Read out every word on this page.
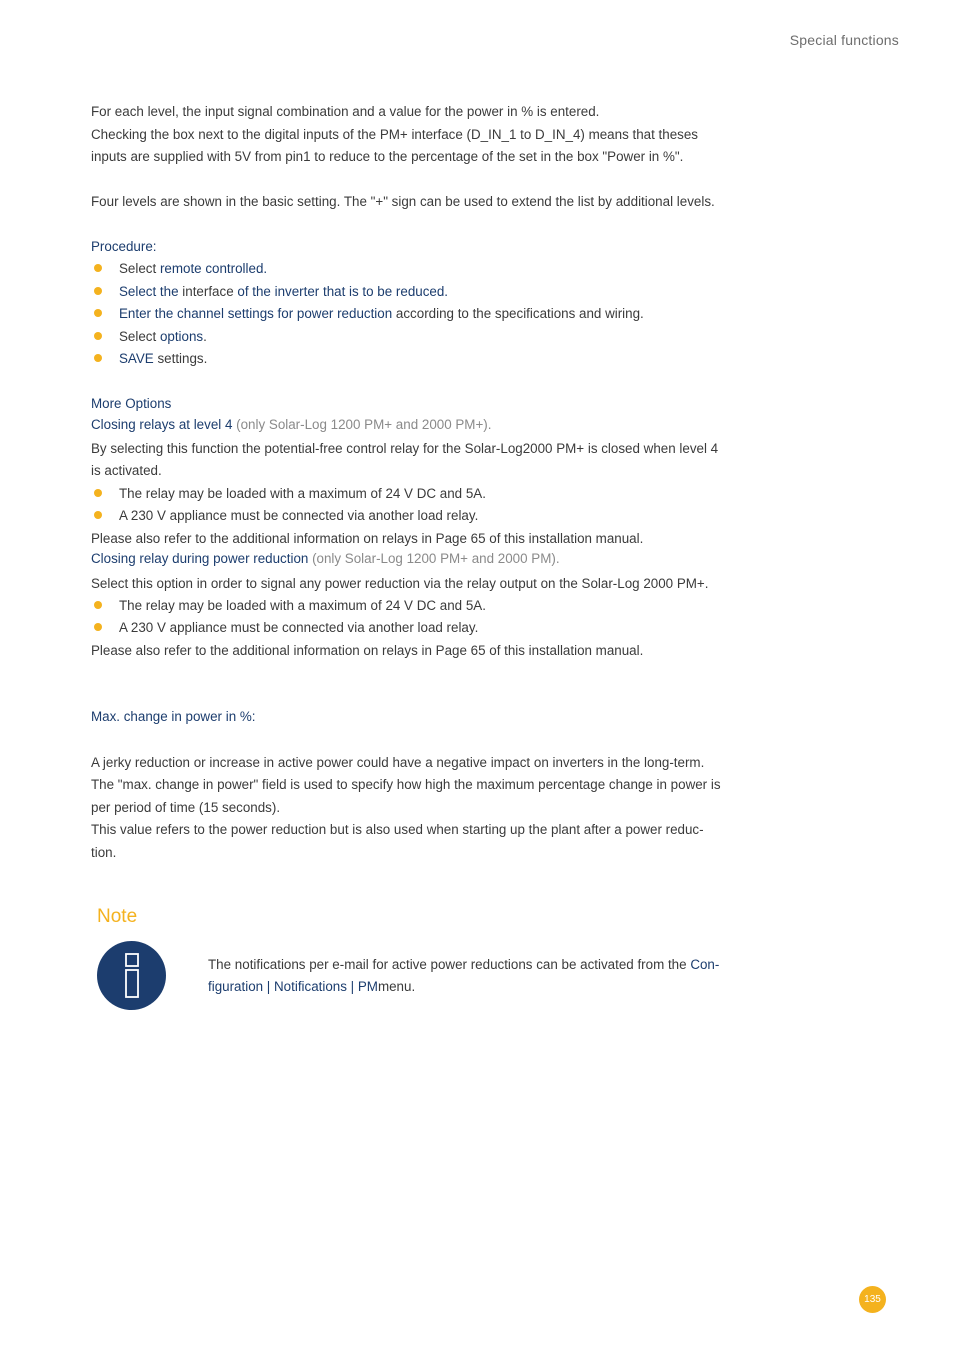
Special functions
For each level, the input signal combination and a value for the power in % is entered.
Checking the box next to the digital inputs of the PM+ interface (D_IN_1 to D_IN_4) means that theses
inputs are supplied with 5V from pin1 to reduce to the percentage of the set in the box "Power in %".
Four levels are shown in the basic setting. The "+" sign can be used to extend the list by additional levels.
Procedure:
Select remote controlled.
Select the interface of the inverter that is to be reduced.
Enter the channel settings for power reduction according to the specifications and wiring.
Select options.
SAVE settings.
More Options
Closing relays at level 4 (only Solar-Log 1200 PM+ and 2000 PM+).
By selecting this function the potential-free control relay for the Solar-Log2000 PM+ is closed when level 4
is activated.
The relay may be loaded with a maximum of 24 V DC and 5A.
A 230 V appliance must be connected via another load relay.
Please also refer to the additional information on relays in Page 65 of this installation manual.
Closing relay during power reduction (only Solar-Log 1200 PM+ and 2000 PM).
Select this option in order to signal any power reduction via the relay output on the Solar-Log 2000 PM+.
The relay may be loaded with a maximum of 24 V DC and 5A.
A 230 V appliance must be connected via another load relay.
Please also refer to the additional information on relays in Page 65 of this installation manual.
Max. change in power in %:
A jerky reduction or increase in active power could have a negative impact on inverters in the long-term.
The "max. change in power" field is used to specify how high the maximum percentage change in power is
per period of time (15 seconds).
This value refers to the power reduction but is also used when starting up the plant after a power reduc-
tion.
Note
The notifications per e-mail for active power reductions can be activated from the Con-
figuration | Notifications | PMmenu.
135
